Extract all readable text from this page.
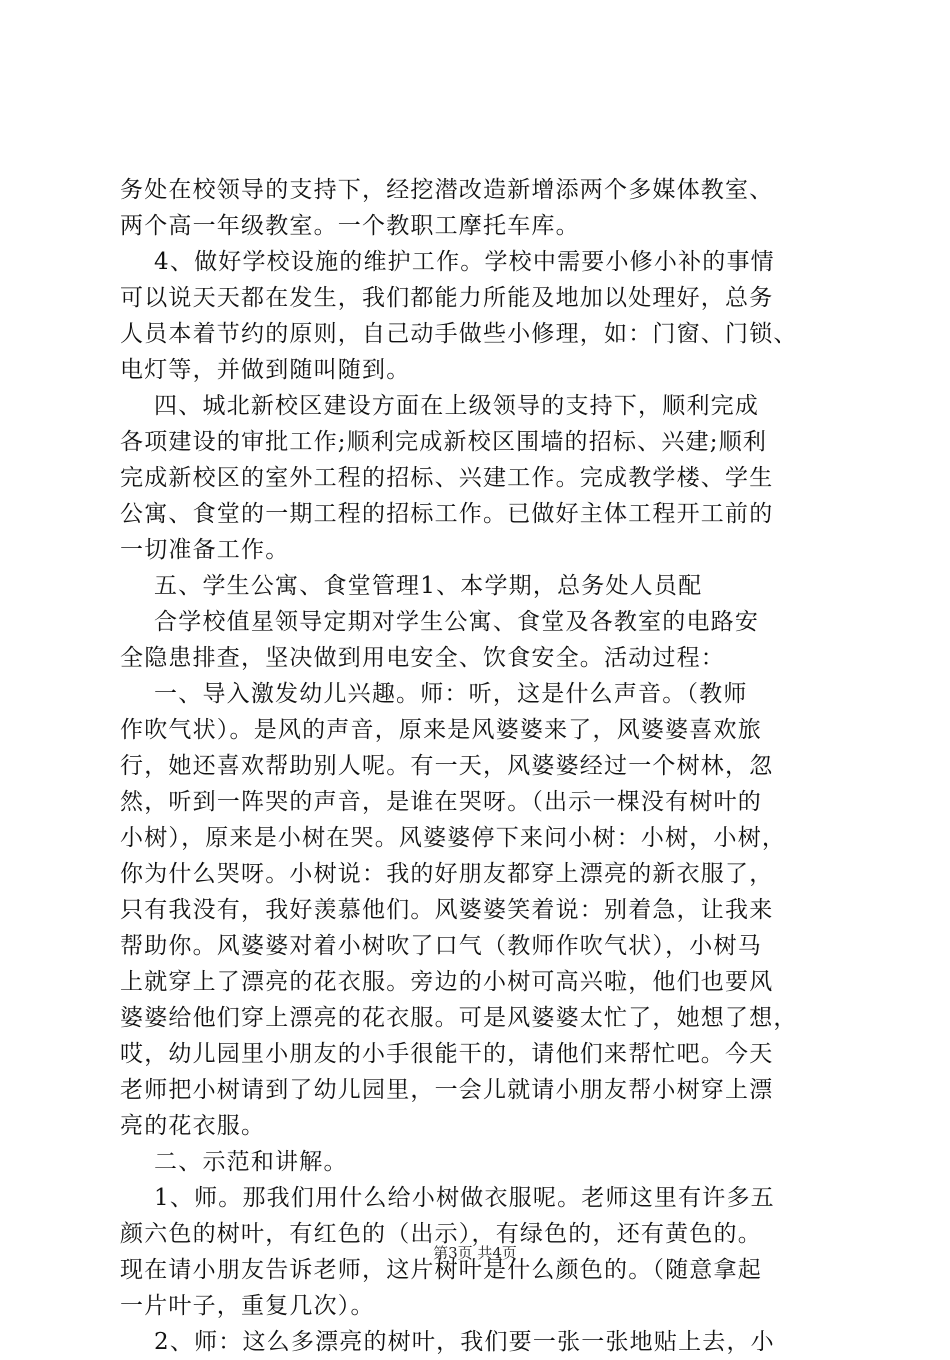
务处在校领导的支持下，经挖潜改造新增添两个多媒体教室、
两个高一年级教室。一个教职工摩托车库。
4、做好学校设施的维护工作。学校中需要小修小补的事情
可以说天天都在发生，我们都能力所能及地加以处理好，总务
人员本着节约的原则，自己动手做些小修理，如：门窗、门锁、
电灯等，并做到随叫随到。
四、城北新校区建设方面在上级领导的支持下，顺利完成
各项建设的审批工作;顺利完成新校区围墙的招标、兴建;顺利
完成新校区的室外工程的招标、兴建工作。完成教学楼、学生
公寓、食堂的一期工程的招标工作。已做好主体工程开工前的
一切准备工作。
五、学生公寓、食堂管理1、本学期，总务处人员配
合学校值星领导定期对学生公寓、食堂及各教室的电路安
全隐患排查，坚决做到用电安全、饮食安全。活动过程：
一、导入激发幼儿兴趣。师：听，这是什么声音。（教师
作吹气状）。是风的声音，原来是风婆婆来了，风婆婆喜欢旅
行，她还喜欢帮助别人呢。有一天，风婆婆经过一个树林，忽
然，听到一阵哭的声音，是谁在哭呀。（出示一棵没有树叶的
小树），原来是小树在哭。风婆婆停下来问小树：小树，小树，
你为什么哭呀。小树说：我的好朋友都穿上漂亮的新衣服了，
只有我没有，我好羡慕他们。风婆婆笑着说：别着急，让我来
帮助你。风婆婆对着小树吹了口气（教师作吹气状），小树马
上就穿上了漂亮的花衣服。旁边的小树可高兴啦，他们也要风
婆婆给他们穿上漂亮的花衣服。可是风婆婆太忙了，她想了想，
哎，幼儿园里小朋友的小手很能干的，请他们来帮忙吧。今天
老师把小树请到了幼儿园里，一会儿就请小朋友帮小树穿上漂
亮的花衣服。
二、示范和讲解。
1、师。那我们用什么给小树做衣服呢。老师这里有许多五
颜六色的树叶，有红色的（出示），有绿色的，还有黄色的。
现在请小朋友告诉老师，这片树叶是什么颜色的。（随意拿起
一片叶子，重复几次）。
2、师：这么多漂亮的树叶，我们要一张一张地贴上去，小
第3页 共4页
